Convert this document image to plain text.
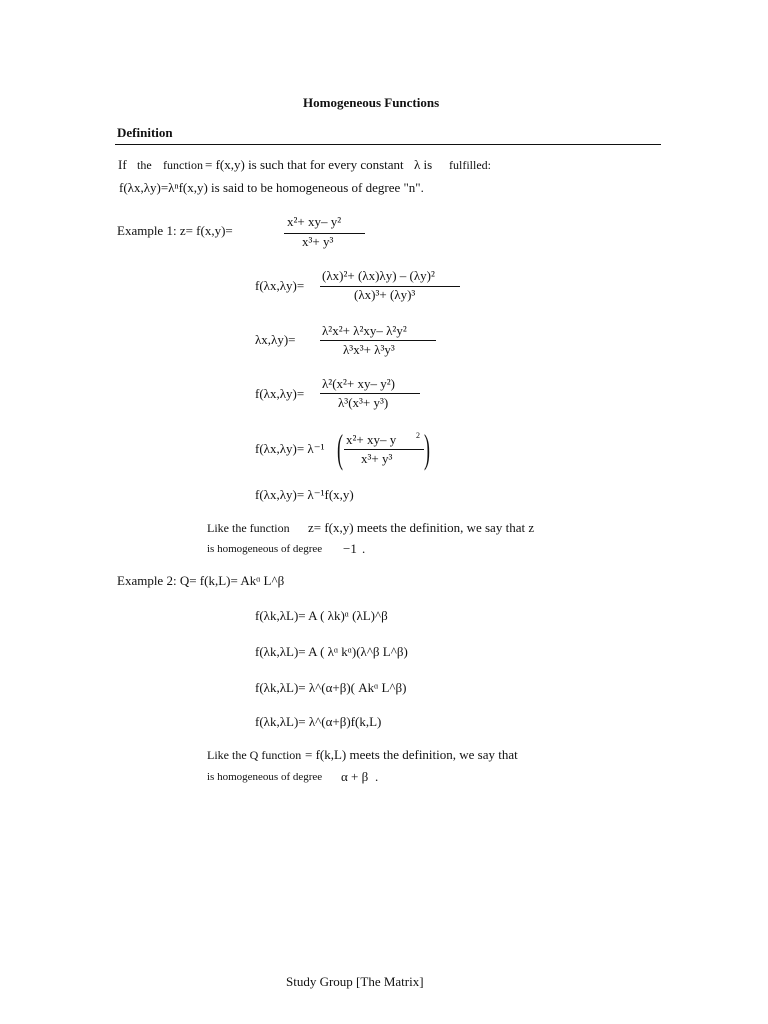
Homogeneous Functions
Definition
If the function = f(x,y) is such that for every constant λ is fulfilled:
f(λx,λy)=λⁿf(x,y) is said to be homogeneous of degree "n".
Example 1: z= f(x,y)=
x²+ xy– y²
x³+ y³
f(λx,λy)=
(λx)²+ (λx)λy) – (λy)²
(λx)³+ (λy)³
λx,λy)=
λ²x²+ λ²xy– λ²y²
λ³x³+ λ³y³
f(λx,λy)=
λ²(x²+ xy– y²)
λ³(x³+ y³)
f(λx,λy)= λ⁻¹ ( x²+ xy– y 2
x³+ y³ )
f(λx,λy)= λ⁻¹f(x,y)
Like the function z= f(x,y) meets the definition, we say that z
is homogeneous of degree −1 .
Example 2: Q= f(k,L)= Akᵅ L^β
f(λk,λL)= A ( λk)ᵅ (λL)^β
f(λk,λL)= A ( λᵅ kᵅ)(λ^β L^β)
f(λk,λL)= λ^(α+β)( Akᵅ L^β)
f(λk,λL)= λ^(α+β)f(k,L)
Like the Q function = f(k,L) meets the definition, we say that
is homogeneous of degree α + β .
Study Group [The Matrix]
